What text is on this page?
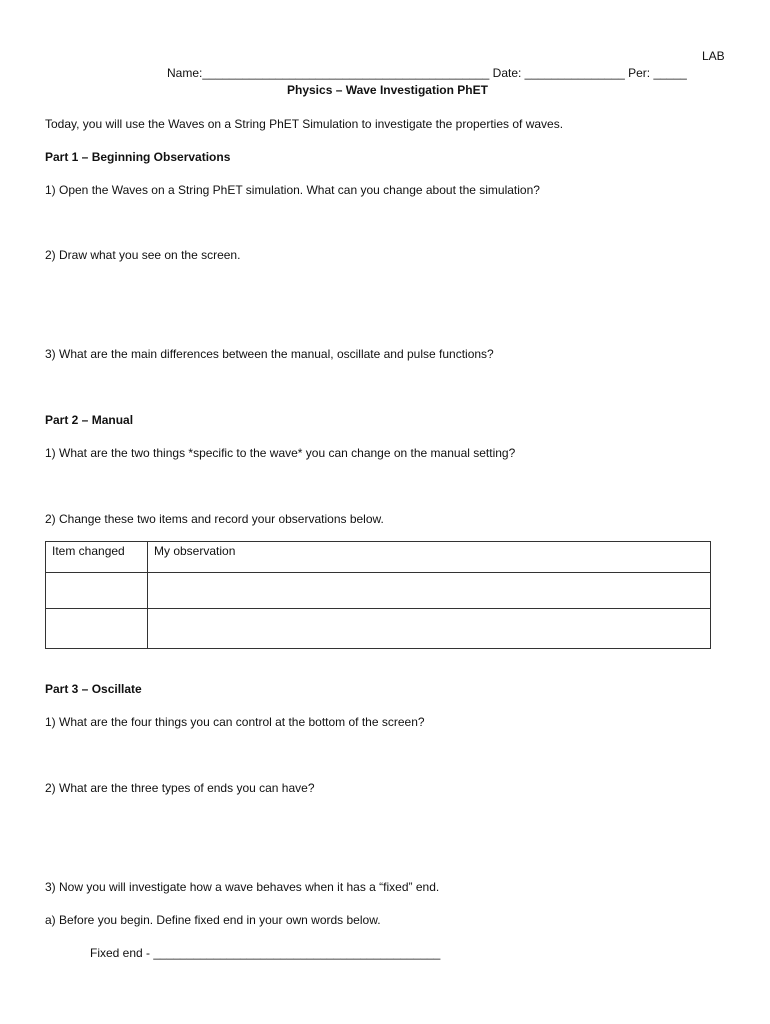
LAB
Name:___________________________________________ Date: _______________ Per: _____
Physics – Wave Investigation PhET
Today, you will use the Waves on a String PhET Simulation to investigate the properties of waves.
Part 1 – Beginning Observations
1) Open the Waves on a String PhET simulation. What can you change about the simulation?
2) Draw what you see on the screen.
3) What are the main differences between the manual, oscillate and pulse functions?
Part 2 – Manual
1) What are the two things *specific to the wave* you can change on the manual setting?
2) Change these two items and record your observations below.
Item changed	My observation

Part 3 – Oscillate
1) What are the four things you can control at the bottom of the screen?
2) What are the three types of ends you can have?
3) Now you will investigate how a wave behaves when it has a “fixed” end.
a) Before you begin. Define fixed end in your own words below.
Fixed end - ___________________________________________
